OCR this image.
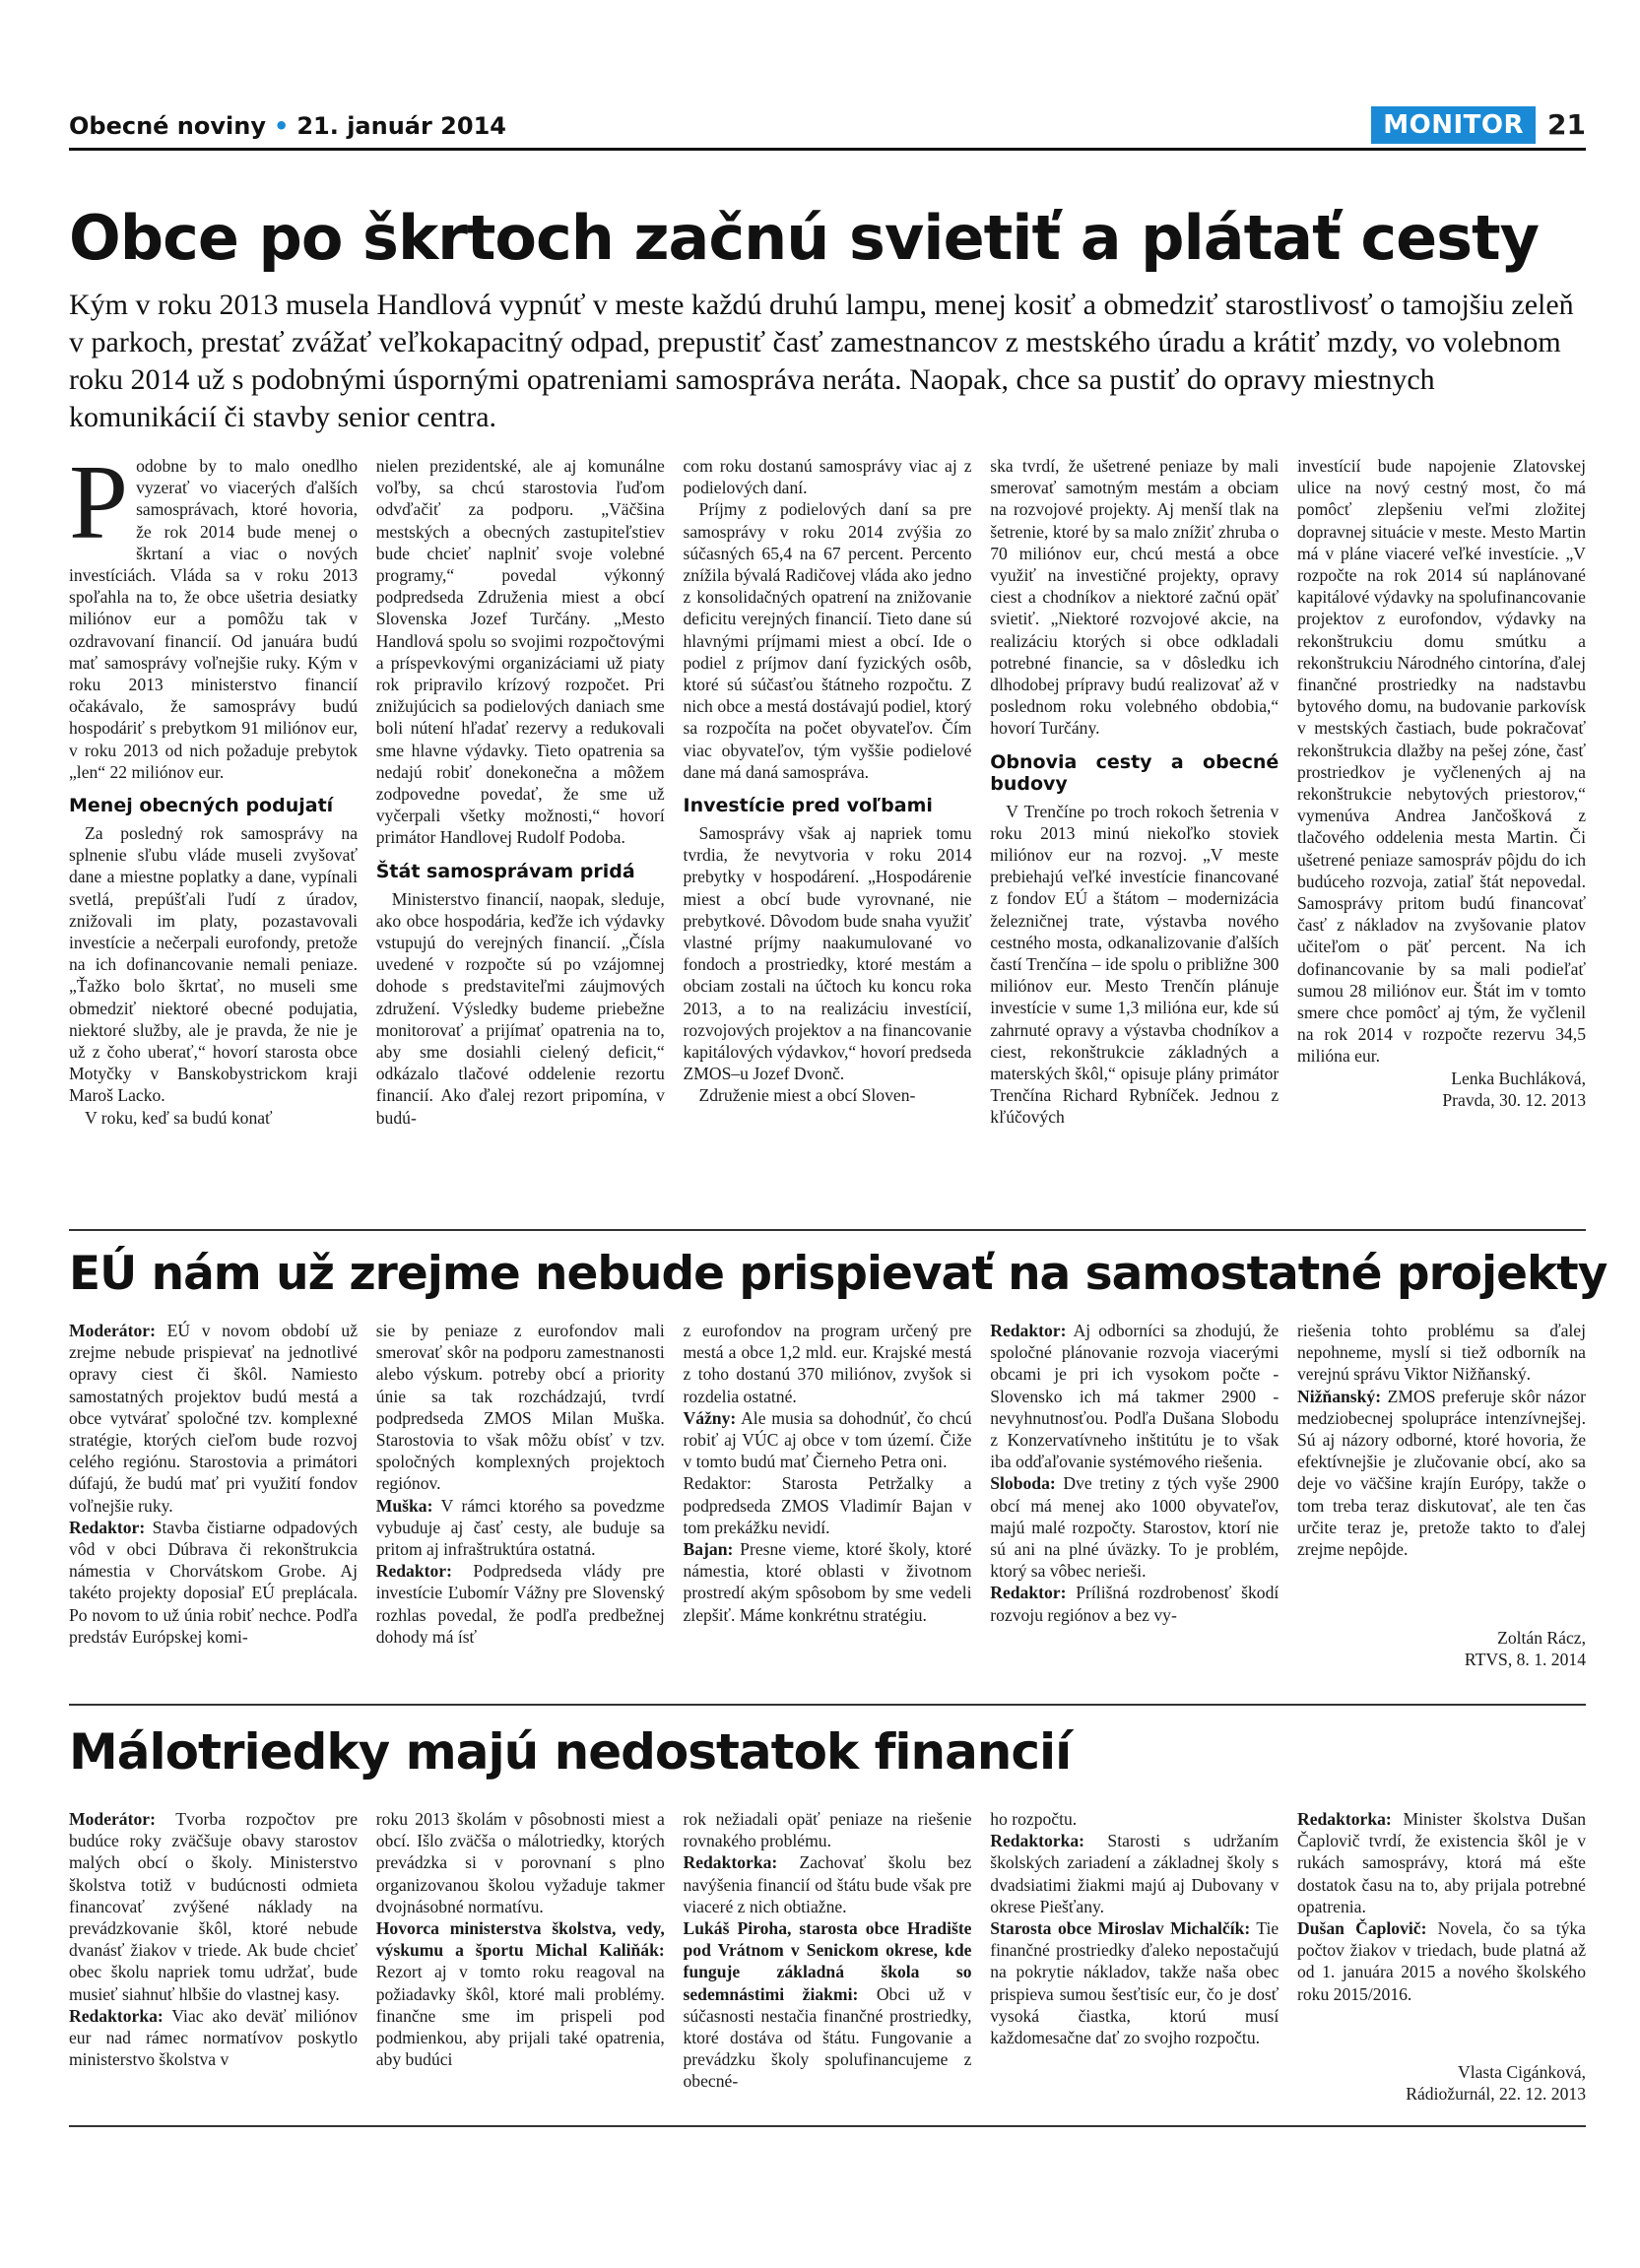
Obecné noviny • 21. január 2014	MONITOR 21
Obce po škrtoch začnú svietiť a plátať cesty
Kým v roku 2013 musela Handlová vypnúť v meste každú druhú lampu, menej kosiť a obmedziť starostlivosť o tamojšiu zeleň v parkoch, prestať zvážať veľkokapacitný odpad, prepustiť časť zamestnancov z mestského úradu a krátiť mzdy, vo volebnom roku 2014 už s podobnými úspornými opatreniami samospráva neráta. Naopak, chce sa pustiť do opravy miestnych komunikácií či stavby senior centra.

Podobne by to malo onedlho vyzerať vo viacerých ďalších samosprávach, ktoré hovoria, že rok 2014 bude menej o škrtaní a viac o nových investíciách. Vláda sa v roku 2013 spoľahla na to, že obce ušetria desiatky miliónov eur a pomôžu tak v ozdravovaní financií. Od januára budú mať samosprávy voľnejšie ruky. Kým v roku 2013 ministerstvo financií očakávalo, že samosprávy budú hospodáriť s prebytkom 91 miliónov eur, v roku 2013 od nich požaduje prebytok „len“ 22 miliónov eur.

Menej obecných podujatí

Za posledný rok samosprávy na splnenie sľubu vláde museli zvyšovať dane a miestne poplatky a dane, vypínali svetlá, prepúšťali ľudí z úradov, znižovali im platy, pozastavovali investície a nečerpali eurofondy, pretože na ich dofinancovanie nemali peniaze. „Ťažko bolo škrtať, no museli sme obmedziť niektoré obecné podujatia, niektoré služby, ale je pravda, že nie je už z čoho uberať,“ hovorí starosta obce Motyčky v Banskobystrickom kraji Maroš Lacko.

V roku, keď sa budú konať

nielen prezidentské, ale aj komunálne voľby, sa chcú starostovia ľuďom odvďačiť za podporu. „Väčšina mestských a obecných zastupiteľstiev bude chcieť naplniť svoje volebné programy,“ povedal výkonný podpredseda Združenia miest a obcí Slovenska Jozef Turčány. „Mesto Handlová spolu so svojimi rozpočtovými a príspevkovými organizáciami už piaty rok pripravilo krízový rozpočet. Pri znižujúcich sa podielových daniach sme boli nútení hľadať rezervy a redukovali sme hlavne výdavky. Tieto opatrenia sa nedajú robiť donekonečna a môžem zodpovedne povedať, že sme už vyčerpali všetky možnosti,“ hovorí primátor Handlovej Rudolf Podoba.

Štát samosprávam pridá

Ministerstvo financií, naopak, sleduje, ako obce hospodária, keďže ich výdavky vstupujú do verejných financií. „Čísla uvedené v rozpočte sú po vzájomnej dohode s predstaviteľmi záujmových združení. Výsledky budeme priebežne monitorovať a prijímať opatrenia na to, aby sme dosiahli cielený deficit,“ odkázalo tlačové oddelenie rezortu financií. Ako ďalej rezort pripomína, v budú-

com roku dostanú samosprávy viac aj z podielových daní.

Príjmy z podielových daní sa pre samosprávy v roku 2014 zvýšia zo súčasných 65,4 na 67 percent. Percento znížila bývalá Radičovej vláda ako jedno z konsolidačných opatrení na znižovanie deficitu verejných financií. Tieto dane sú hlavnými príjmami miest a obcí. Ide o podiel z príjmov daní fyzických osôb, ktoré sú súčasťou štátneho rozpočtu. Z nich obce a mestá dostávajú podiel, ktorý sa rozpočíta na počet obyvateľov. Čím viac obyvateľov, tým vyššie podielové dane má daná samospráva.

Investície pred voľbami

Samosprávy však aj napriek tomu tvrdia, že nevytvoria v roku 2014 prebytky v hospodárení. „Hospodárenie miest a obcí bude vyrovnané, nie prebytkové. Dôvodom bude snaha využiť vlastné príjmy naakumulované vo fondoch a prostriedky, ktoré mestám a obciam zostali na účtoch ku koncu roka 2013, a to na realizáciu investícií, rozvojových projektov a na financovanie kapitálových výdavkov,“ hovorí predseda ZMOS–u Jozef Dvonč.

Združenie miest a obcí Sloven-

ska tvrdí, že ušetrené peniaze by mali smerovať samotným mestám a obciam na rozvojové projekty. Aj menší tlak na šetrenie, ktoré by sa malo znížiť zhruba o 70 miliónov eur, chcú mestá a obce využiť na investičné projekty, opravy ciest a chodníkov a niektoré začnú opäť svietiť. „Niektoré rozvojové akcie, na realizáciu ktorých si obce odkladali potrebné financie, sa v dôsledku ich dlhodobej prípravy budú realizovať až v poslednom roku volebného obdobia,“ hovorí Turčány.

Obnovia cesty a obecné budovy

V Trenčíne po troch rokoch šetrenia v roku 2013 minú niekoľko stoviek miliónov eur na rozvoj. „V meste prebiehajú veľké investície financované z fondov EÚ a štátom – modernizácia železničnej trate, výstavba nového cestného mosta, odkanalizovanie ďalších častí Trenčína – ide spolu o približne 300 miliónov eur. Mesto Trenčín plánuje investície v sume 1,3 milióna eur, kde sú zahrnuté opravy a výstavba chodníkov a ciest, rekonštrukcie základných a materských škôl,“ opisuje plány primátor Trenčína Richard Rybníček. Jednou z kľúčových

investícií bude napojenie Zlatovskej ulice na nový cestný most, čo má pomôcť zlepšeniu veľmi zložitej dopravnej situácie v meste. Mesto Martin má v pláne viaceré veľké investície. „V rozpočte na rok 2014 sú naplánované kapitálové výdavky na spolufinancovanie projektov z eurofondov, výdavky na rekonštrukciu domu smútku a rekonštrukciu Národného cintorína, ďalej finančné prostriedky na nadstavbu bytového domu, na budovanie parkovísk v mestských častiach, bude pokračovať rekonštrukcia dlažby na pešej zóne, časť prostriedkov je vyčlenených aj na rekonštrukcie nebytových priestorov,“ vymenúva Andrea Jančošková z tlačového oddelenia mesta Martin. Či ušetrené peniaze samospráv pôjdu do ich budúceho rozvoja, zatiaľ štát nepovedal. Samosprávy pritom budú financovať časť z nákladov na zvyšovanie platov učiteľom o päť percent. Na ich dofinancovanie by sa mali podieľať sumou 28 miliónov eur. Štát im v tomto smere chce pomôcť aj tým, že vyčlenil na rok 2014 v rozpočte rezervu 34,5 milióna eur.

Lenka Buchláková,
Pravda, 30. 12. 2013

EÚ nám už zrejme nebude prispievať na samostatné projekty

Moderátor: EÚ v novom období už zrejme nebude prispievať na jednotlivé opravy ciest či škôl. Namiesto samostatných projektov budú mestá a obce vytvárať spoločné tzv. komplexné stratégie, ktorých cieľom bude rozvoj celého regiónu. Starostovia a primátori dúfajú, že budú mať pri využití fondov voľnejšie ruky.

Redaktor: Stavba čistiarne odpadových vôd v obci Dúbrava či rekonštrukcia námestia v Chorvátskom Grobe. Aj takéto projekty doposiaľ EÚ preplácala. Po novom to už únia robiť nechce. Podľa predstáv Európskej komi-

sie by peniaze z eurofondov mali smerovať skôr na podporu zamestnanosti alebo výskum. potreby obcí a priority únie sa tak rozchádzajú, tvrdí podpredseda ZMOS Milan Muška. Starostovia to však môžu obísť v tzv. spoločných komplexných projektoch regiónov.

Muška: V rámci ktorého sa povedzme vybuduje aj časť cesty, ale buduje sa pritom aj infraštruktúra ostatná.

Redaktor: Podpredseda vlády pre investície Ľubomír Vážny pre Slovenský rozhlas povedal, že podľa predbežnej dohody má ísť

z eurofondov na program určený pre mestá a obce 1,2 mld. eur. Krajské mestá z toho dostanú 370 miliónov, zvyšok si rozdelia ostatné.

Vážny: Ale musia sa dohodnúť, čo chcú robiť aj VÚC aj obce v tom území. Čiže v tomto budú mať Čierneho Petra oni.

Redaktor: Starosta Petržalky a podpredseda ZMOS Vladimír Bajan v tom prekážku nevidí.

Bajan: Presne vieme, ktoré školy, ktoré námestia, ktoré oblasti v životnom prostredí akým spôsobom by sme vedeli zlepšiť. Máme konkrétnu stratégiu.

Redaktor: Aj odborníci sa zhodujú, že spoločné plánovanie rozvoja viacerými obcami je pri ich vysokom počte - Slovensko ich má takmer 2900 - nevyhnutnosťou. Podľa Dušana Slobodu z Konzervatívneho inštitútu je to však iba odďaľovanie systémového riešenia.

Sloboda: Dve tretiny z tých vyše 2900 obcí má menej ako 1000 obyvateľov, majú malé rozpočty. Starostov, ktorí nie sú ani na plné úväzky. To je problém, ktorý sa vôbec nerieši.

Redaktor: Prílišná rozdrobenosť škodí rozvoju regiónov a bez vy-

riešenia tohto problému sa ďalej nepohneme, myslí si tiež odborník na verejnú správu Viktor Nižňanský.

Nižňanský: ZMOS preferuje skôr názor medziobecnej spolupráce intenzívnejšej. Sú aj názory odborné, ktoré hovoria, že efektívnejšie je zlučovanie obcí, ako sa deje vo väčšine krajín Európy, takže o tom treba teraz diskutovať, ale ten čas určite teraz je, pretože takto to ďalej zrejme nepôjde.

Zoltán Rácz,
RTVS, 8. 1. 2014
Málotriedky majú nedostatok financií

Moderátor: Tvorba rozpočtov pre budúce roky zväčšuje obavy starostov malých obcí o školy. Ministerstvo školstva totiž v budúcnosti odmieta financovať zvýšené náklady na prevádzkovanie škôl, ktoré nebude dvanásť žiakov v triede. Ak bude chcieť obec školu napriek tomu udržať, bude musieť siahnuť hlbšie do vlastnej kasy.

Redaktorka: Viac ako deväť miliónov eur nad rámec normatívov poskytlo ministerstvo školstva v

roku 2013 školám v pôsobnosti miest a obcí. Išlo zväčša o málotriedky, ktorých prevádzka si v porovnaní s plno organizovanou školou vyžaduje takmer dvojnásobné normatívu.

Hovorca ministerstva školstva, vedy, výskumu a športu Michal Kaliňák: Rezort aj v tomto roku reagoval na požiadavky škôl, ktoré mali problémy. finančne sme im prispeli pod podmienkou, aby prijali také opatrenia, aby budúci

rok nežiadali opäť peniaze na riešenie rovnakého problému.

Redaktorka: Zachovať školu bez navýšenia financií od štátu bude však pre viaceré z nich obtiažne.

Lukáš Piroha, starosta obce Hradište pod Vrátnom v Senickom okrese, kde funguje základná škola so sedemnástimi žiakmi: Obci už v súčasnosti nestačia finančné prostriedky, ktoré dostáva od štátu. Fungovanie a prevádzku školy spolufinancujeme z obecné-

ho rozpočtu.

Redaktorka: Starosti s udržaním školských zariadení a základnej školy s dvadsiatimi žiakmi majú aj Dubovany v okrese Piešťany.

Starosta obce Miroslav Michalčík: Tie finančné prostriedky ďaleko nepostačujú na pokrytie nákladov, takže naša obec prispieva sumou šesťtisíc eur, čo je dosť vysoká čiastka, ktorú musí každomesačne dať zo svojho rozpočtu.

Redaktorka: Minister školstva Dušan Čaplovič tvrdí, že existencia škôl je v rukách samosprávy, ktorá má ešte dostatok času na to, aby prijala potrebné opatrenia.

Dušan Čaplovič: Novela, čo sa týka počtov žiakov v triedach, bude platná až od 1. januára 2015 a nového školského roku 2015/2016.

Vlasta Cigánková,
Rádiožurnál, 22. 12. 2013
